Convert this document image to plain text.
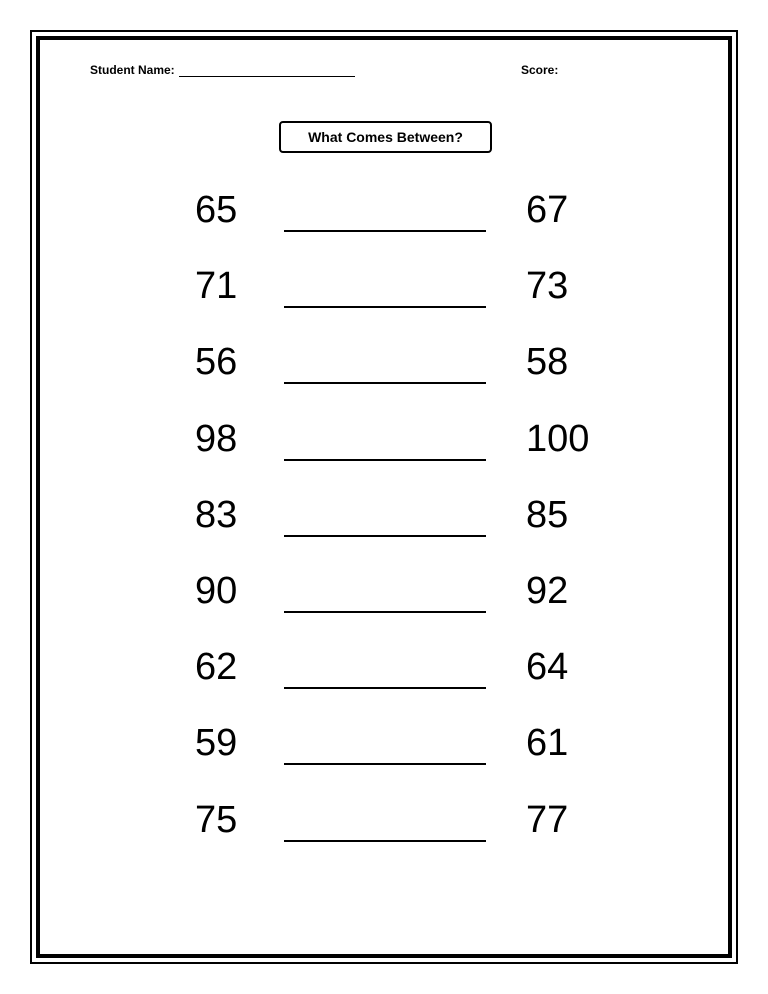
Student Name:	Score:
What Comes Between?
65	67
71	73
56	58
98	100
83	85
90	92
62	64
59	61
75	77
